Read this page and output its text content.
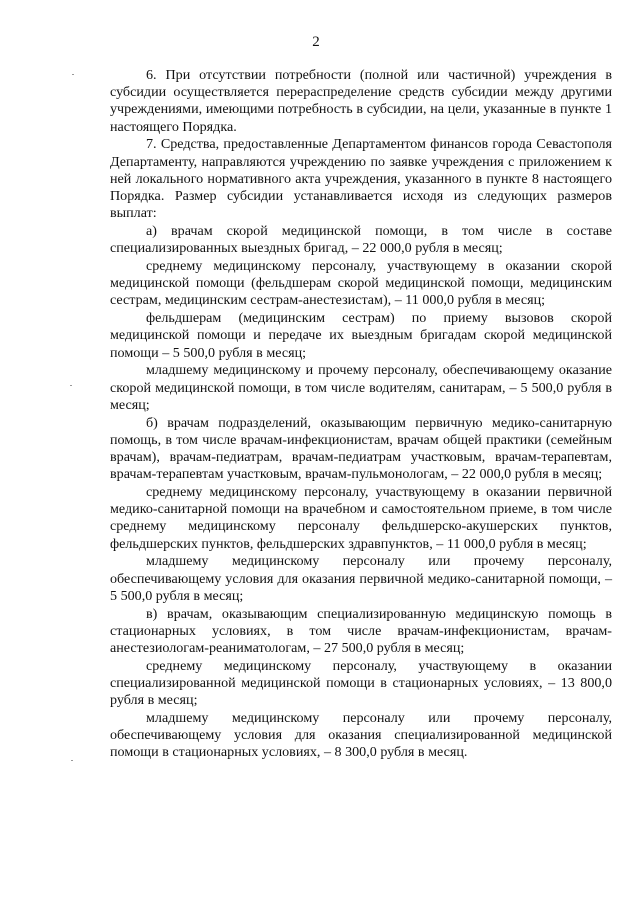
2

6. При отсутствии потребности (полной или частичной) учреждения в субсидии осуществляется перераспределение средств субсидии между другими учреждениями, имеющими потребность в субсидии, на цели, указанные в пункте 1 настоящего Порядка.

7. Средства, предоставленные Департаментом финансов города Севастополя Департаменту, направляются учреждению по заявке учреждения с приложением к ней локального нормативного акта учреждения, указанного в пункте 8 настоящего Порядка. Размер субсидии устанавливается исходя из следующих размеров выплат:

а) врачам скорой медицинской помощи, в том числе в составе специализированных выездных бригад, – 22 000,0 рубля в месяц;

среднему медицинскому персоналу, участвующему в оказании скорой медицинской помощи (фельдшерам скорой медицинской помощи, медицинским сестрам, медицинским сестрам-анестезистам), – 11 000,0 рубля в месяц;

фельдшерам (медицинским сестрам) по приему вызовов скорой медицинской помощи и передаче их выездным бригадам скорой медицинской помощи – 5 500,0 рубля в месяц;

младшему медицинскому и прочему персоналу, обеспечивающему оказание скорой медицинской помощи, в том числе водителям, санитарам, – 5 500,0 рубля в месяц;

б) врачам подразделений, оказывающим первичную медико-санитарную помощь, в том числе врачам-инфекционистам, врачам общей практики (семейным врачам), врачам-педиатрам, врачам-педиатрам участковым, врачам-терапевтам, врачам-терапевтам участковым, врачам-пульмонологам, – 22 000,0 рубля в месяц;

среднему медицинскому персоналу, участвующему в оказании первичной медико-санитарной помощи на врачебном и самостоятельном приеме, в том числе среднему медицинскому персоналу фельдшерско-акушерских пунктов, фельдшерских пунктов, фельдшерских здравпунктов, – 11 000,0 рубля в месяц;

младшему медицинскому персоналу или прочему персоналу, обеспечивающему условия для оказания первичной медико-санитарной помощи, – 5 500,0 рубля в месяц;

в) врачам, оказывающим специализированную медицинскую помощь в стационарных условиях, в том числе врачам-инфекционистам, врачам-анестезиологам-реаниматологам, – 27 500,0 рубля в месяц;

среднему медицинскому персоналу, участвующему в оказании специализированной медицинской помощи в стационарных условиях, – 13 800,0 рубля в месяц;

младшему медицинскому персоналу или прочему персоналу, обеспечивающему условия для оказания специализированной медицинской помощи в стационарных условиях, – 8 300,0 рубля в месяц.
